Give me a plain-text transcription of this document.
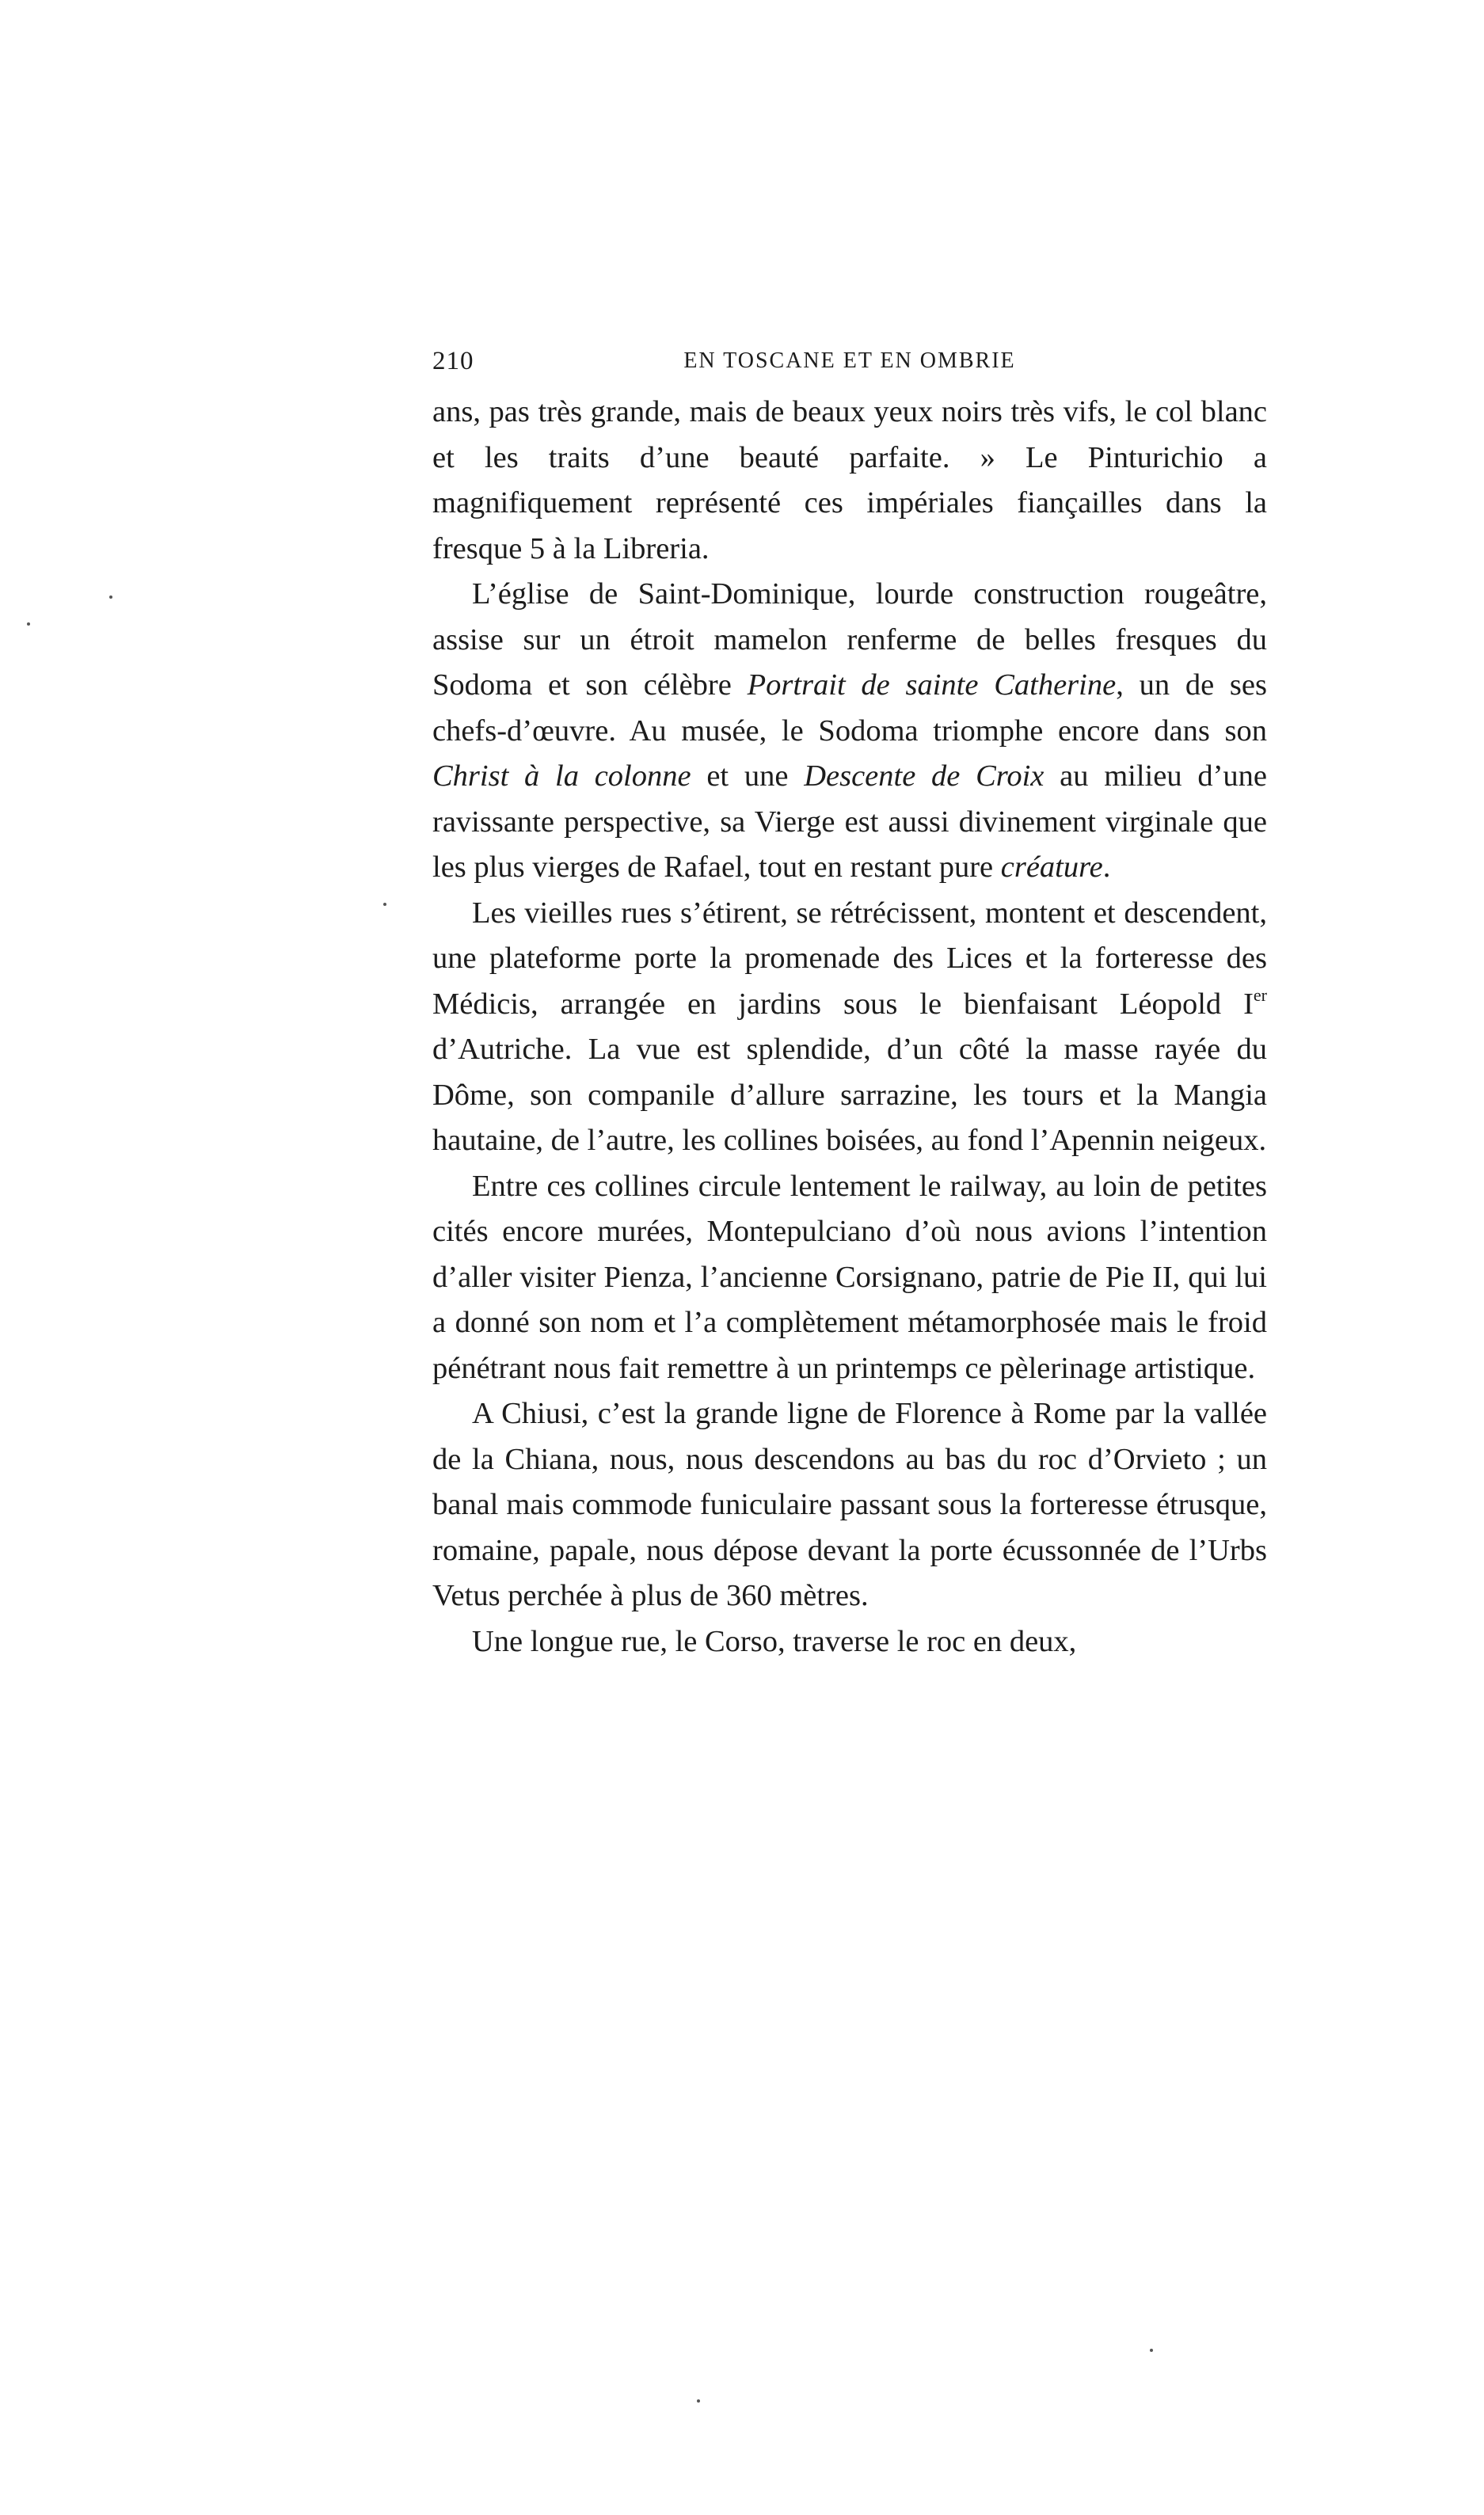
210	EN TOSCANE ET EN OMBRIE

ans, pas très grande, mais de beaux yeux noirs très vifs, le col blanc et les traits d’une beauté parfaite. » Le Pinturichio a magnifiquement représenté ces impériales fiançailles dans la fresque 5 à la Libreria.

L’église de Saint-Dominique, lourde construction rougeâtre, assise sur un étroit mamelon renferme de belles fresques du Sodoma et son célèbre Portrait de sainte Catherine, un de ses chefs-d’œuvre. Au musée, le Sodoma triomphe encore dans son Christ à la colonne et une Descente de Croix au milieu d’une ravissante perspective, sa Vierge est aussi divinement virginale que les plus vierges de Rafael, tout en restant pure créature.

Les vieilles rues s’étirent, se rétrécissent, montent et descendent, une plateforme porte la promenade des Lices et la forteresse des Médicis, arrangée en jardins sous le bienfaisant Léopold Ier d’Autriche. La vue est splendide, d’un côté la masse rayée du Dôme, son companile d’allure sarrazine, les tours et la Mangia hautaine, de l’autre, les collines boisées, au fond l’Apennin neigeux.

Entre ces collines circule lentement le railway, au loin de petites cités encore murées, Montepulciano d’où nous avions l’intention d’aller visiter Pienza, l’ancienne Corsignano, patrie de Pie II, qui lui a donné son nom et l’a complètement métamorphosée mais le froid pénétrant nous fait remettre à un printemps ce pèlerinage artistique.

A Chiusi, c’est la grande ligne de Florence à Rome par la vallée de la Chiana, nous, nous descendons au bas du roc d’Orvieto ; un banal mais commode funiculaire passant sous la forteresse étrusque, romaine, papale, nous dépose devant la porte écussonnée de l’Urbs Vetus perchée à plus de 360 mètres.

Une longue rue, le Corso, traverse le roc en deux,
